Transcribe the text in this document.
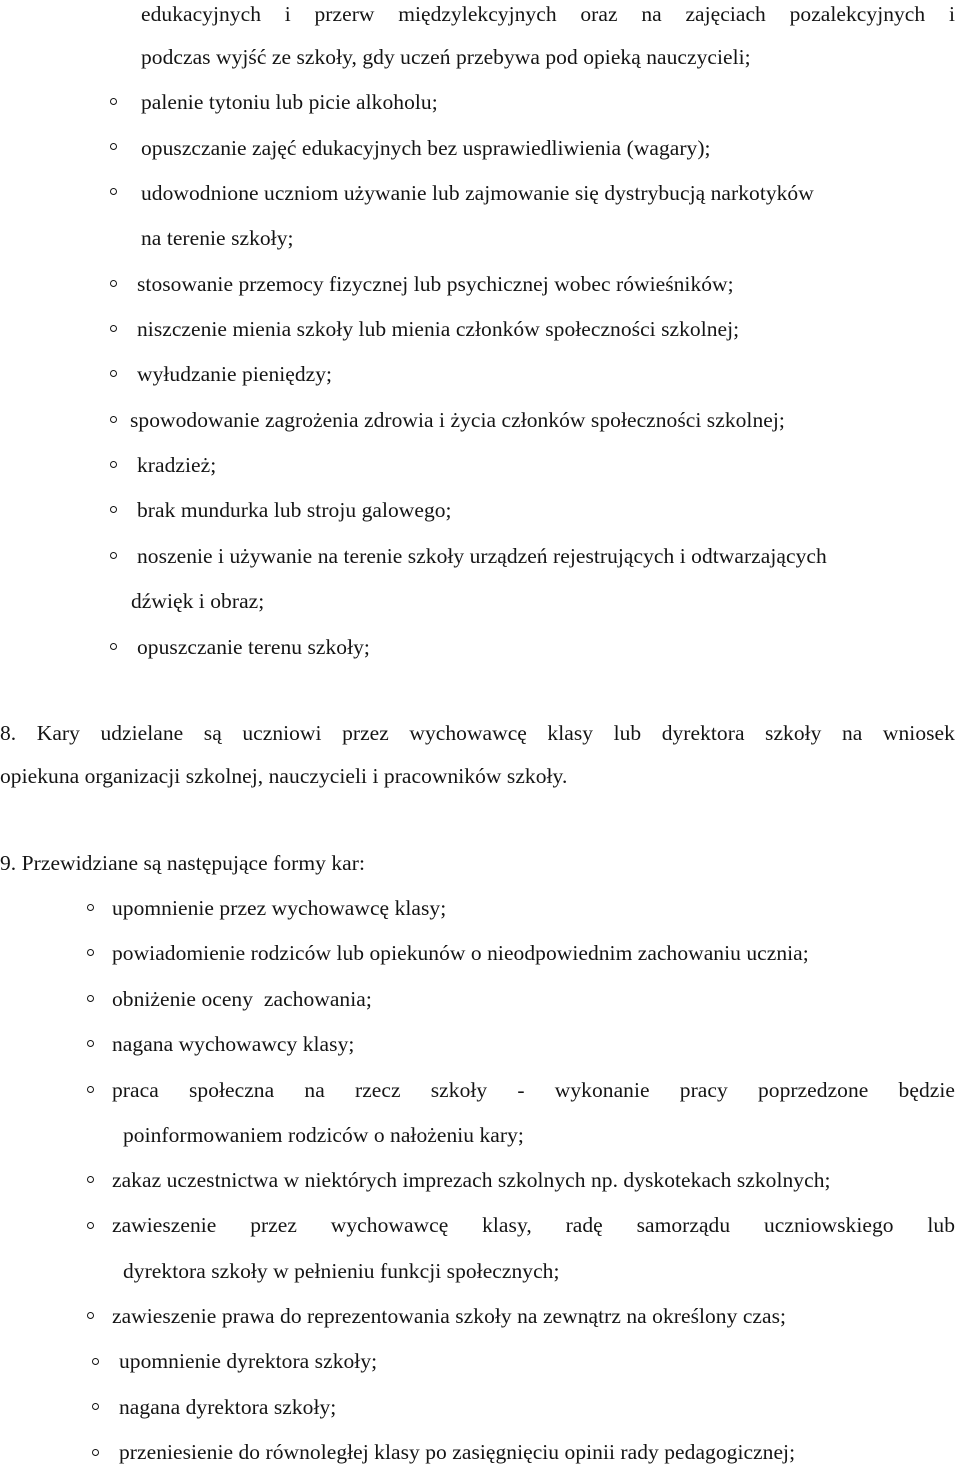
edukacyjnych i przerw międzylekcyjnych oraz na zajęciach pozalekcyjnych i
podczas wyjść ze szkoły, gdy uczeń przebywa pod opieką nauczycieli;
palenie tytoniu lub picie alkoholu;
opuszczanie zajęć edukacyjnych bez usprawiedliwienia (wagary);
udowodnione uczniom używanie lub zajmowanie się dystrybucją narkotyków
na terenie szkoły;
stosowanie przemocy fizycznej lub psychicznej wobec rówieśników;
niszczenie mienia szkoły lub mienia członków społeczności szkolnej;
wyłudzanie pieniędzy;
spowodowanie zagrożenia zdrowia i życia członków społeczności szkolnej;
kradzież;
brak mundurka lub stroju galowego;
noszenie i używanie na terenie szkoły urządzeń rejestrujących i odtwarzających
dźwięk i obraz;
opuszczanie terenu szkoły;
8. Kary udzielane są uczniowi przez wychowawcę klasy lub dyrektora szkoły na wniosek
opiekuna organizacji szkolnej, nauczycieli i pracowników szkoły.
9. Przewidziane są następujące formy kar:
upomnienie przez wychowawcę klasy;
powiadomienie rodziców lub opiekunów o nieodpowiednim zachowaniu ucznia;
obniżenie oceny  zachowania;
nagana wychowawcy klasy;
praca społeczna na rzecz szkoły - wykonanie pracy poprzedzone będzie
poinformowaniem rodziców o nałożeniu kary;
zakaz uczestnictwa w niektórych imprezach szkolnych np. dyskotekach szkolnych;
zawieszenie przez wychowawcę klasy, radę samorządu uczniowskiego lub
dyrektora szkoły w pełnieniu funkcji społecznych;
zawieszenie prawa do reprezentowania szkoły na zewnątrz na określony czas;
upomnienie dyrektora szkoły;
nagana dyrektora szkoły;
przeniesienie do równoległej klasy po zasięgnięciu opinii rady pedagogicznej;
